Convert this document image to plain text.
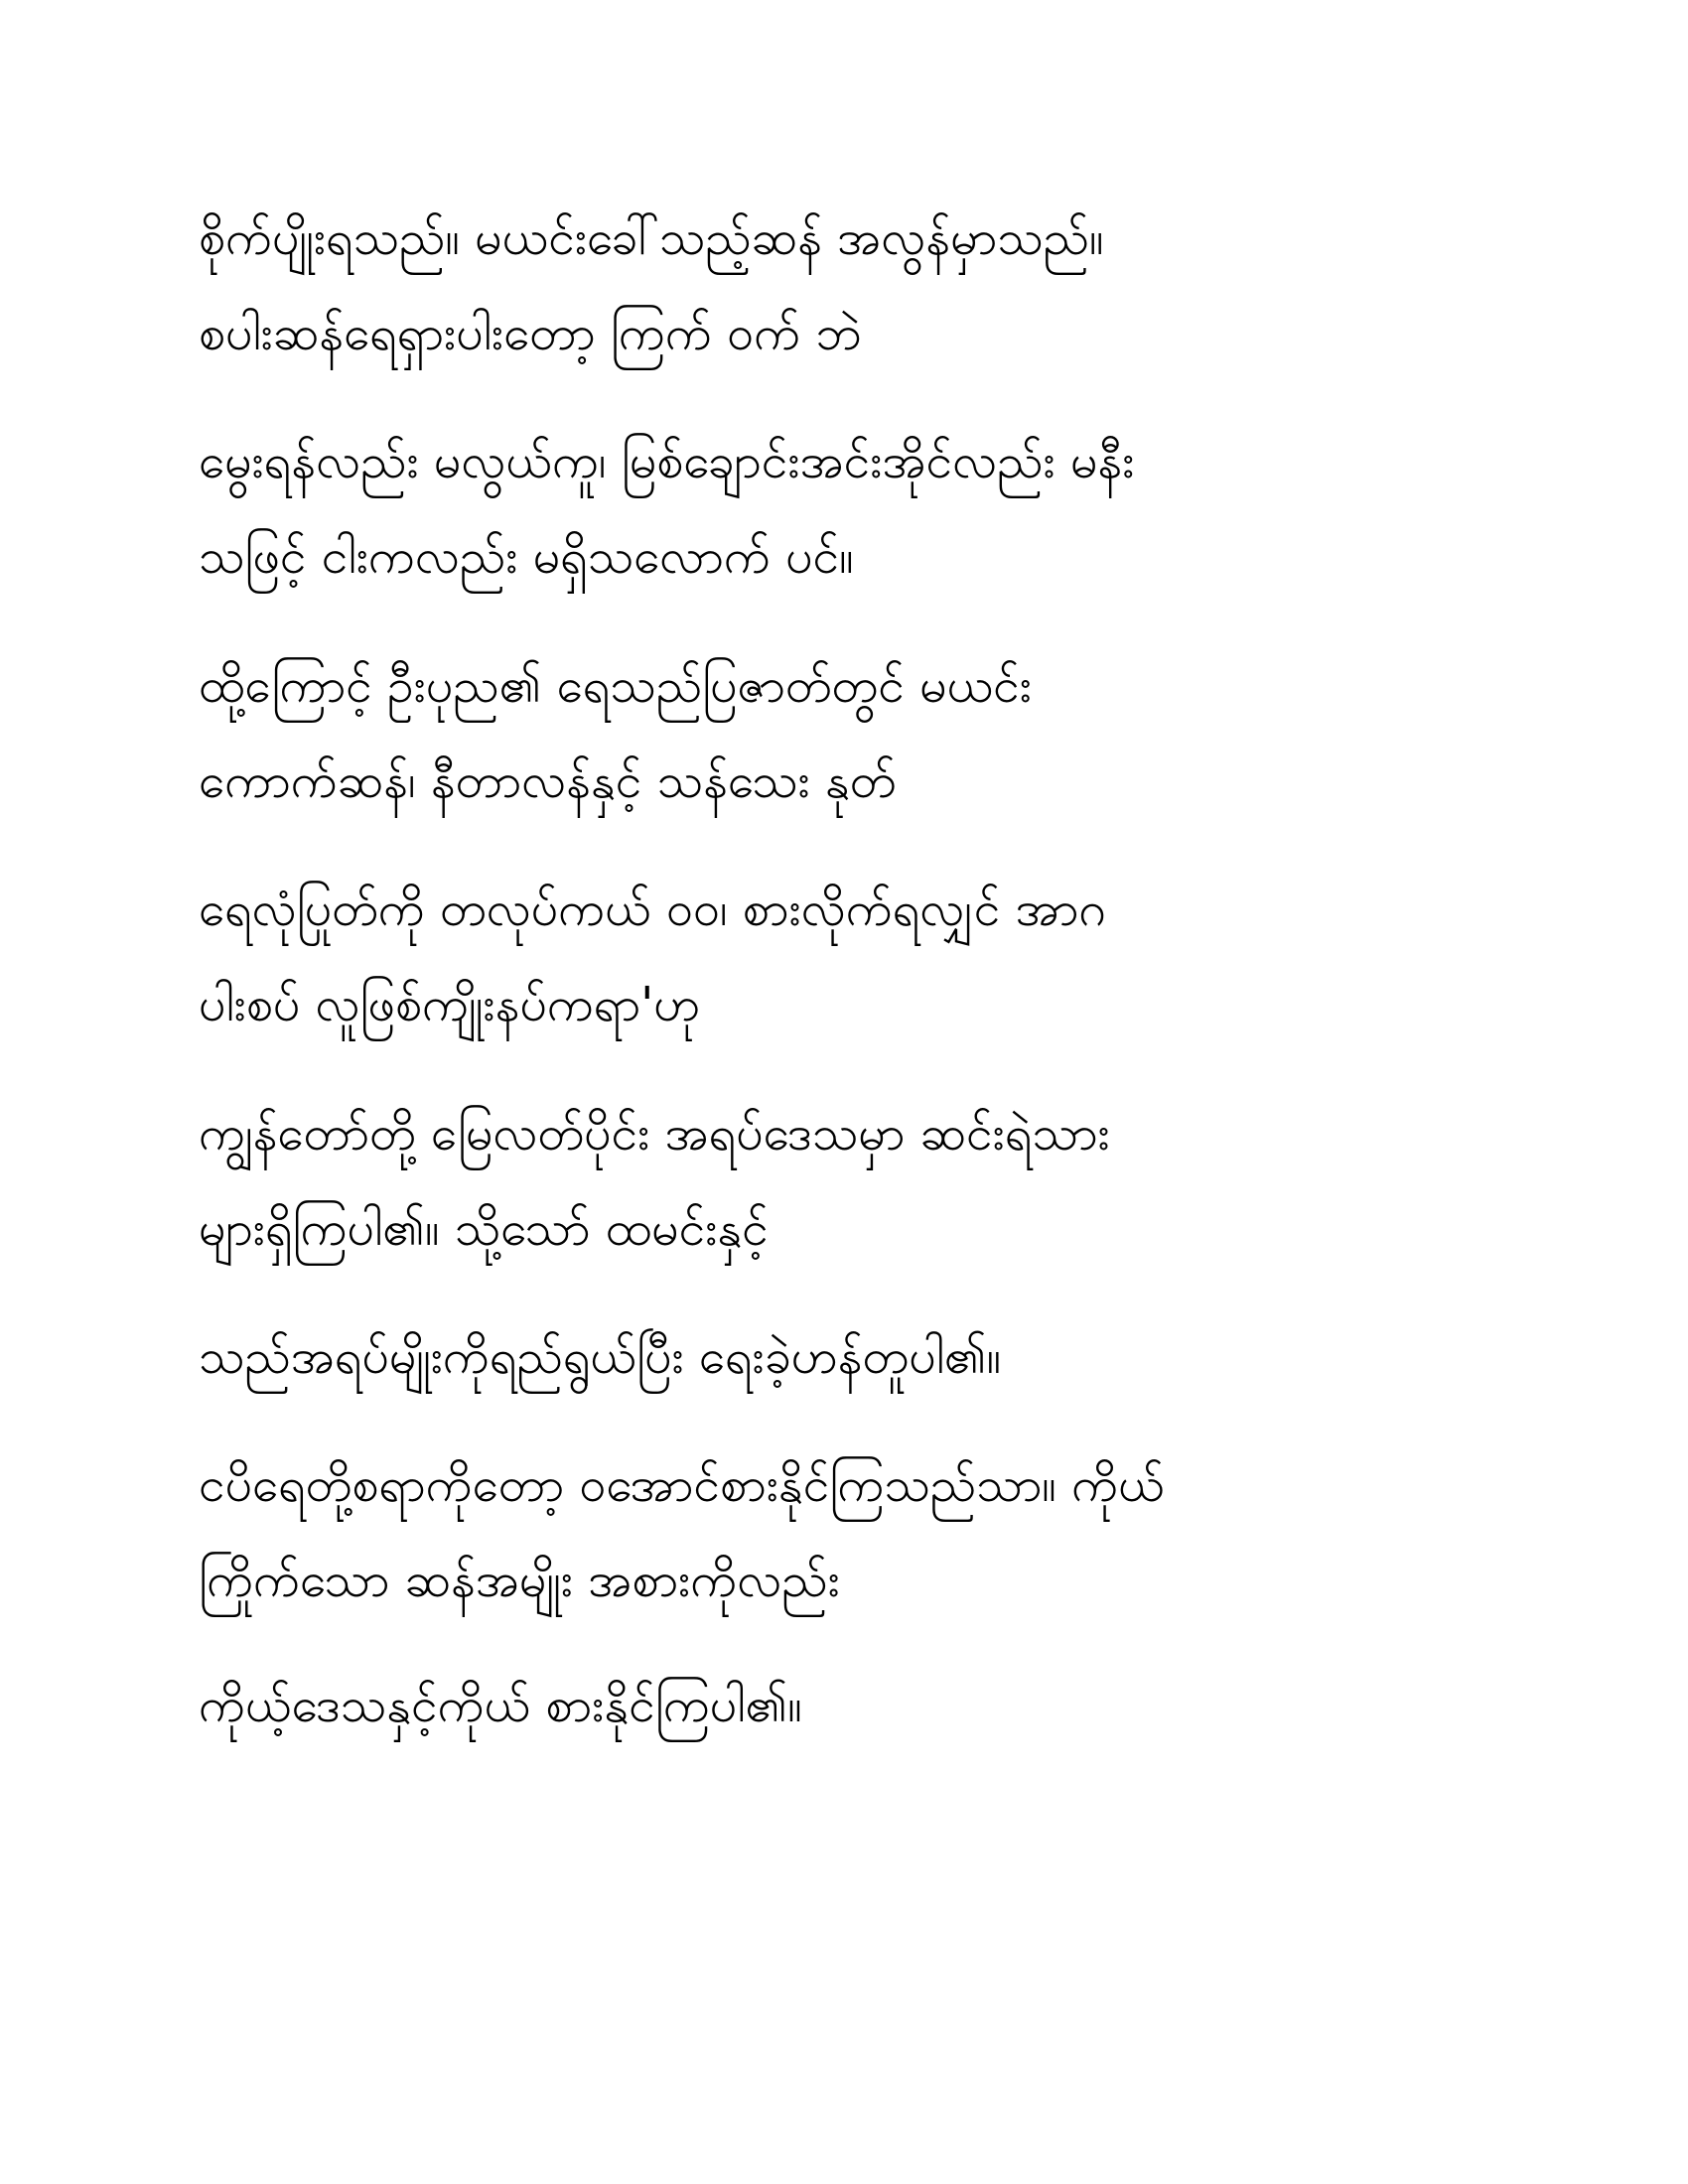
စိုက်ပျိုးရသည်။ မယင်းခေါ်သည့်ဆန် အလွန်မှာသည်။
စပါးဆန်ရေရှားပါးတော့ ကြက် ၀က် ဘဲ
မွေးရန်လည်း မလွယ်ကူ၊ မြစ်ချောင်းအင်းအိုင်လည်း မနီး
သဖြင့် ငါးကလည်း မရှိသလောက် ပင်။
ထို့ကြောင့် ဦးပုည၏ ရေသည်ပြဇာတ်တွင် မယင်း
ကောက်ဆန်၊ နီတာလန်နှင့် သန်သေး နုတ်
ရေလုံပြုတ်ကို တလုပ်ကယ် ၀၀၊ စားလိုက်ရလျှင် အာဂ
ပါးစပ် လူဖြစ်ကျိုးနပ်ကရာ'ဟု
ကျွန်တော်တို့ မြေလတ်ပိုင်း အရပ်ဒေသမှာ ဆင်းရဲသား
များရှိကြပါ၏။ သို့သော် ထမင်းနှင့်
သည်အရပ်မျိုးကိုရည်ရွယ်ပြီး ရေးခဲ့ဟန်တူပါ၏။
ငပိရေတို့စရာကိုတော့ ဝအောင်စားနိုင်ကြသည်သာ။ ကိုယ်
ကြိုက်သော ဆန်အမျိုး အစားကိုလည်း
ကိုယ့်ဒေသနှင့်ကိုယ် စားနိုင်ကြပါ၏။
